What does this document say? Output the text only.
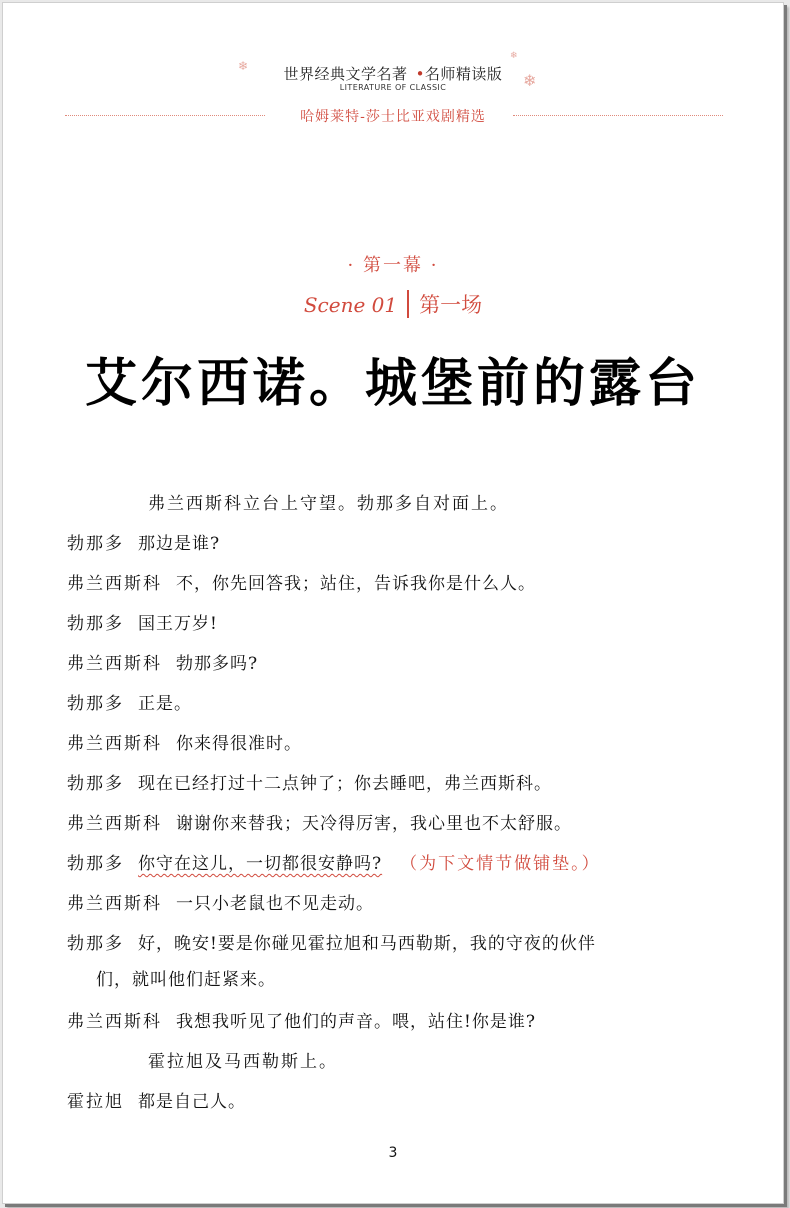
❄
❄
❄
世界经典文学名著 •名师精读版
LITERATURE OF CLASSIC
哈姆莱特-莎士比亚戏剧精选
· 第一幕 ·
Scene 01 第一场
艾尔西诺。城堡前的露台
弗兰西斯科立台上守望。勃那多自对面上。
勃那多 那边是谁?
弗兰西斯科 不，你先回答我；站住，告诉我你是什么人。
勃那多 国王万岁!
弗兰西斯科 勃那多吗?
勃那多 正是。
弗兰西斯科 你来得很准时。
勃那多 现在已经打过十二点钟了；你去睡吧，弗兰西斯科。
弗兰西斯科 谢谢你来替我；天冷得厉害，我心里也不太舒服。
勃那多 你守在这儿，一切都很安静吗? （为下文情节做铺垫。）
弗兰西斯科 一只小老鼠也不见走动。
勃那多 好，晚安!要是你碰见霍拉旭和马西勒斯，我的守夜的伙伴
们，就叫他们赶紧来。
弗兰西斯科 我想我听见了他们的声音。喂，站住!你是谁?
霍拉旭及马西勒斯上。
霍拉旭 都是自己人。
3
